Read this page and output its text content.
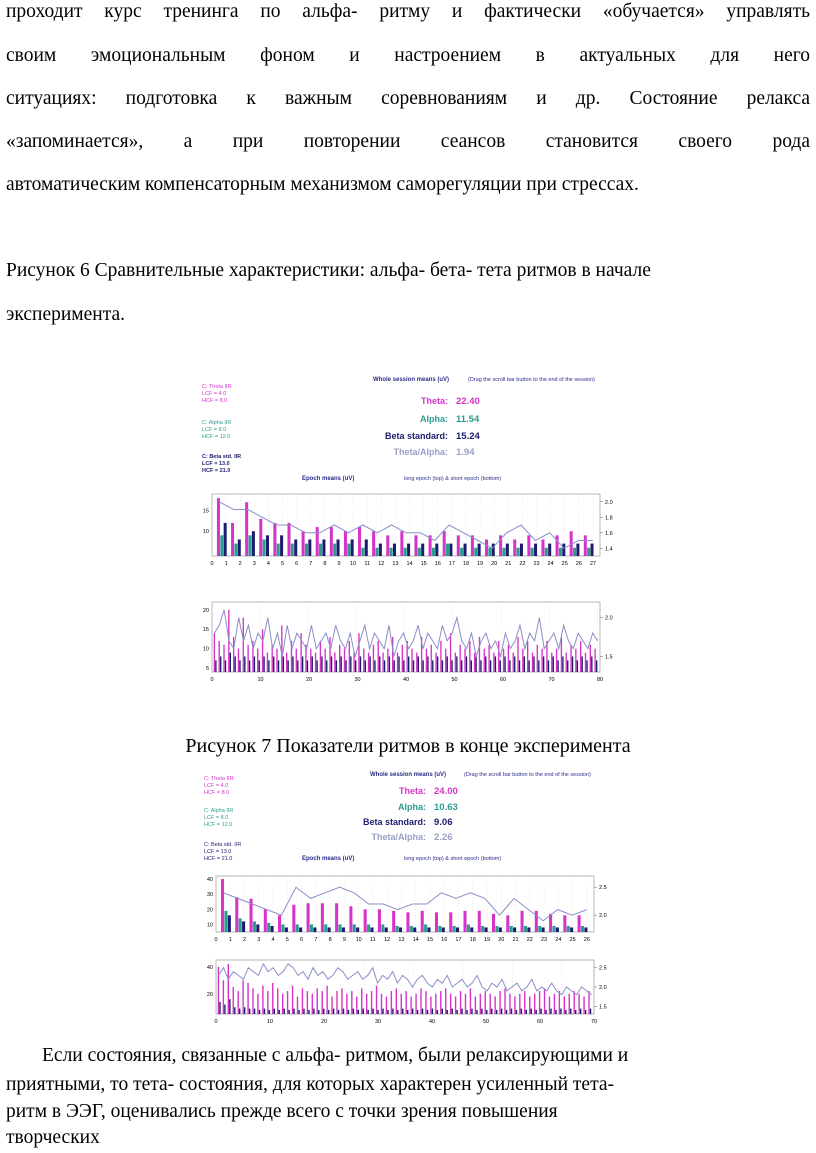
проходит курс тренинга по альфа- ритму и фактически «обучается» управлять
своим эмоциональным фоном и настроением в актуальных для него
ситуациях: подготовка к важным соревнованиям и др. Состояние релакса
«запоминается», а при повторении сеансов становится своего рода
автоматическим компенсаторным механизмом саморегуляции при стрессах.
Рисунок 6 Сравнительные характеристики: альфа- бета- тета ритмов в начале
эксперимента.
C: Theta IIR
LCF = 4.0
HCF = 8.0
C: Alpha IIR
LCF = 8.0
HCF = 12.0
C: Beta std. IIR
LCF = 13.0
HCF = 21.0
Whole session means (uV)	(Drag the scroll bar button to the end of the session)
Theta: 22.40
Alpha: 11.54
Beta standard: 15.24
Theta/Alpha: 1.94
Epoch means (uV)	long epoch (top) & short epoch (bottom)
15
10
2.0
1.8
1.6
1.4
0 1 2 3 4 5 6 7 8 9 10 11 12 13 14 15 16 17 18 19 20 21 22 23 24 25 26 27
20
15
10
5
2.0
1.5
0	10	20	30	40	50	60	70	80
Рисунок 7 Показатели ритмов в конце эксперимента
C: Theta IIR
LCF = 4.0
HCF = 8.0
C: Alpha IIR
LCF = 8.0
HCF = 12.0
C: Beta std. IIR
LCF = 13.0
HCF = 21.0
Whole session means (uV)	(Drag the scroll bar button to the end of the session)
Theta: 24.00
Alpha: 10.63
Beta standard: 9.06
Theta/Alpha: 2.26
Epoch means (uV)	long epoch (top) & short epoch (bottom)
40
30
20
10
2.5
2.0
0 1 2 3 4 5 6 7 8 9 10 11 12 13 14 15 16 17 18 19 20 21 22 23 24 25 26
40
20
2.5
2.0
1.5
0	10	20	30	40	50	60	70
Если состояния, связанные с альфа- ритмом, были релаксирующими и
приятными, то тета- состояния, для которых характерен усиленный тета-
ритм в ЭЭГ, оценивались прежде всего с точки зрения повышения
творческих
